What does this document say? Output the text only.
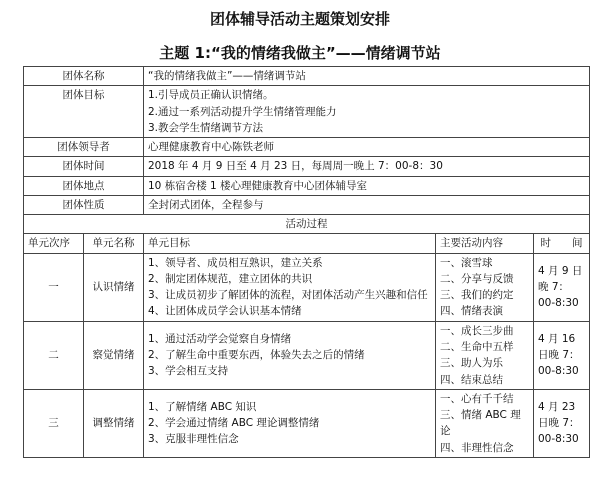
团体辅导活动主题策划安排
主题 1:“我的情绪我做主”——情绪调节站
团体名称		“我的情绪我做主”——情绪调节站		
团体目标		1.引导成员正确认识情绪。
2.通过一系列活动提升学生情绪管理能力
3.教会学生情绪调节方法		

团体领导者		心理健康教育中心陈铁老师		
团体时间		2018 年 4 月 9 日至 4 月 23 日，每周周一晚上 7：00-8：30		
团体地点		10 栋宿舍楼 1 楼心理健康教育中心团体辅导室		
团体性质		全封闭式团体，全程参与		
活动过程				
单元次序	单元名称	单元目标	主要活动内容	时　　间
一	认识情绪	1、领导者、成员相互熟识，建立关系
2、制定团体规范，建立团体的共识
3、让成员初步了解团体的流程，对团体活动产生兴趣和信任
4、让团体成员学会认识基本情绪	一、滚雪球
二、分享与反馈
三、我们的约定
四、情绪表演	4 月 9 日
晚 7：
00-8:30

二	察觉情绪	1、通过活动学会觉察自身情绪
2、了解生命中重要东西，体验失去之后的情绪
3、学会相互支持	一、成长三步曲
二、生命中五样
三、助人为乐
四、结束总结	4 月 16
日晚 7：
00-8:30

三	调整情绪	1、了解情绪 ABC 知识
2、学会通过情绪 ABC 理论调整情绪
3、克服非理性信念	一、心有千千结
三、情绪 ABC 理论
四、非理性信念	4 月 23
日晚 7：
00-8:30
